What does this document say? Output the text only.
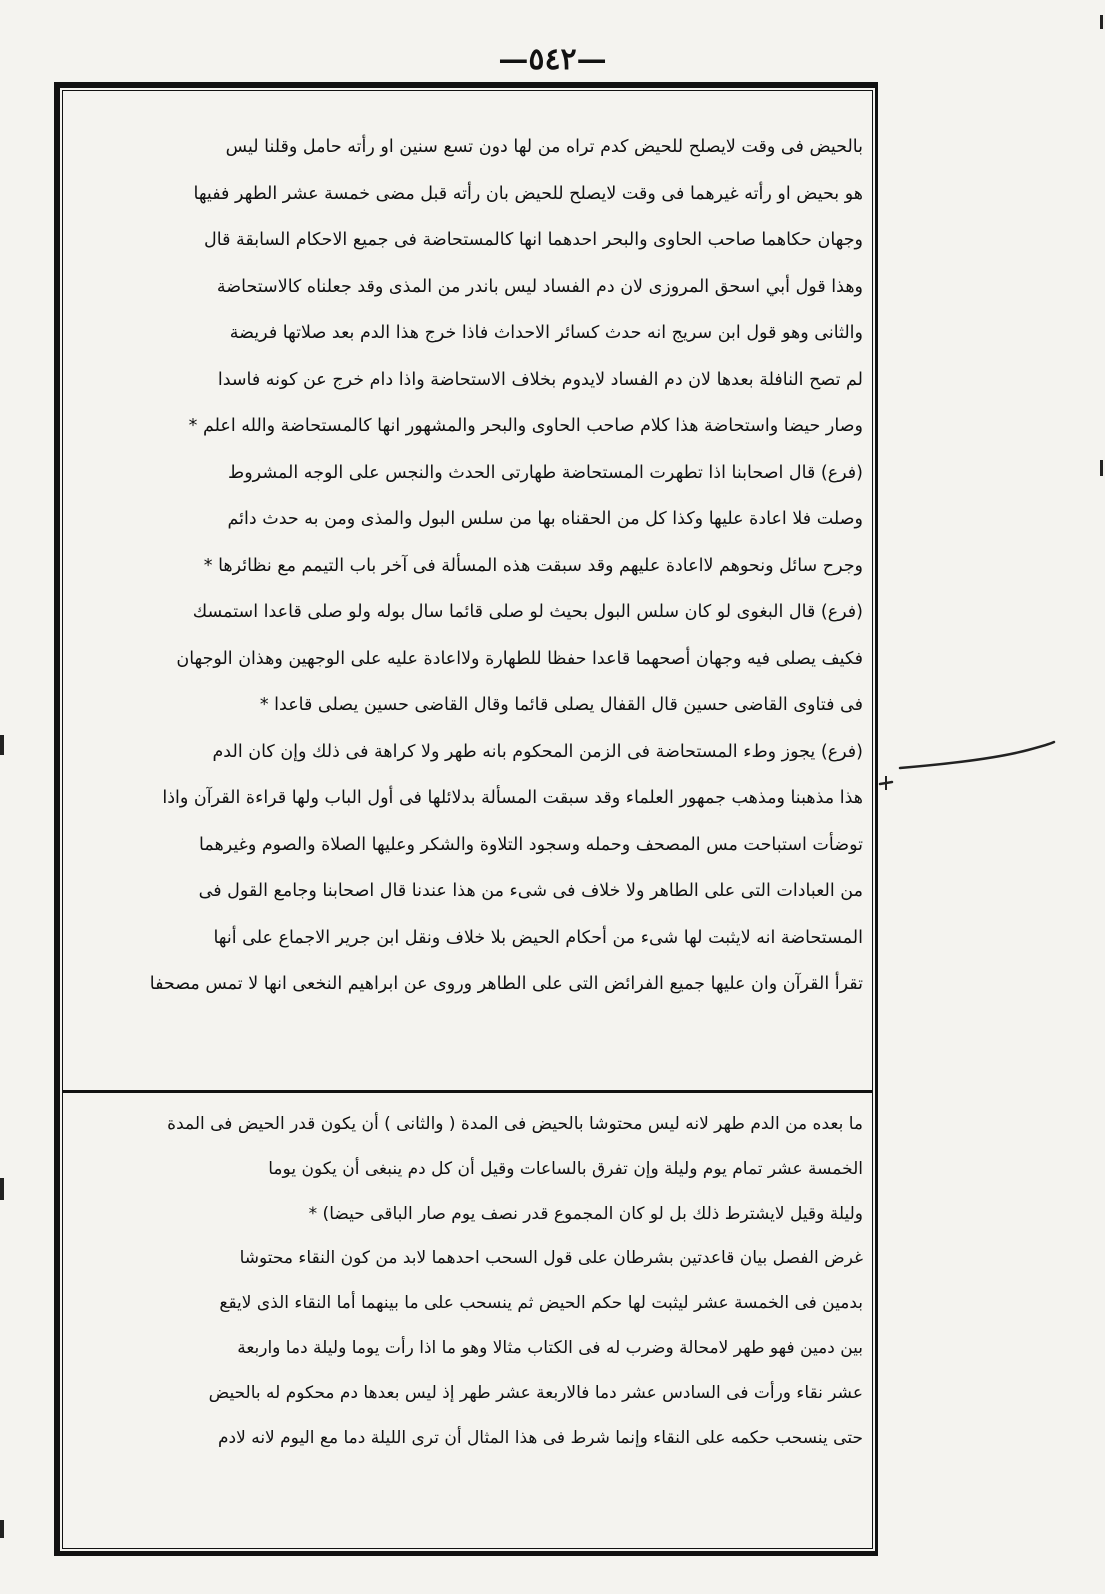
—٥٤٢—
بالحيض فى وقت لايصلح للحيض كدم تراه من لها دون تسع سنين او رأته حامل وقلنا ليس
هو بحيض او رأته غيرهما فى وقت لايصلح للحيض بان رأته قبل مضى خمسة عشر الطهر ففيها
وجهان حكاهما صاحب الحاوى والبحر احدهما انها كالمستحاضة فى جميع الاحكام السابقة قال
وهذا قول أبي اسحق المروزى لان دم الفساد ليس باندر من المذى وقد جعلناه كالاستحاضة
والثانى وهو قول ابن سريج انه حدث كسائر الاحداث فاذا خرج هذا الدم بعد صلاتها فريضة
لم تصح النافلة بعدها لان دم الفساد لايدوم بخلاف الاستحاضة واذا دام خرج عن كونه فاسدا
وصار حيضا واستحاضة هذا كلام صاحب الحاوى والبحر والمشهور انها كالمستحاضة والله اعلم *
(فرع) قال اصحابنا اذا تطهرت المستحاضة طهارتى الحدث والنجس على الوجه المشروط
وصلت فلا اعادة عليها وكذا كل من الحقناه بها من سلس البول والمذى ومن به حدث دائم
وجرح سائل ونحوهم لااعادة عليهم وقد سبقت هذه المسألة فى آخر باب التيمم مع نظائرها *
(فرع) قال البغوى لو كان سلس البول بحيث لو صلى قائما سال بوله ولو صلى قاعدا استمسك
فكيف يصلى فيه وجهان أصحهما قاعدا حفظا للطهارة ولااعادة عليه على الوجهين وهذان الوجهان
فى فتاوى القاضى حسين قال القفال يصلى قائما وقال القاضى حسين يصلى قاعدا *
(فرع) يجوز وطء المستحاضة فى الزمن المحكوم بانه طهر ولا كراهة فى ذلك وإن كان الدم
هذا مذهبنا ومذهب جمهور العلماء وقد سبقت المسألة بدلائلها فى أول الباب ولها قراءة القرآن واذا
توضأت استباحت مس المصحف وحمله وسجود التلاوة والشكر وعليها الصلاة والصوم وغيرهما
من العبادات التى على الطاهر ولا خلاف فى شىء من هذا عندنا قال اصحابنا وجامع القول فى
المستحاضة انه لايثبت لها شىء من أحكام الحيض بلا خلاف ونقل ابن جرير الاجماع على أنها
تقرأ القرآن وان عليها جميع الفرائض التى على الطاهر وروى عن ابراهيم النخعى انها لا تمس مصحفا
ما بعده من الدم طهر لانه ليس محتوشا بالحيض فى المدة ( والثانى ) أن يكون قدر الحيض فى المدة
الخمسة عشر تمام يوم وليلة وإن تفرق بالساعات وقيل أن كل دم ينبغى أن يكون يوما
وليلة وقيل لايشترط ذلك بل لو كان المجموع قدر نصف يوم صار الباقى حيضا) *
غرض الفصل بيان قاعدتين بشرطان على قول السحب احدهما لابد من كون النقاء محتوشا
بدمين فى الخمسة عشر ليثبت لها حكم الحيض ثم ينسحب على ما بينهما أما النقاء الذى لايقع
بين دمين فهو طهر لامحالة وضرب له فى الكتاب مثالا وهو ما اذا رأت يوما وليلة دما واربعة
عشر نقاء ورأت فى السادس عشر دما فالاربعة عشر طهر إذ ليس بعدها دم محكوم له بالحيض
حتى ينسحب حكمه على النقاء وإنما شرط فى هذا المثال أن ترى الليلة دما مع اليوم لانه لادم
